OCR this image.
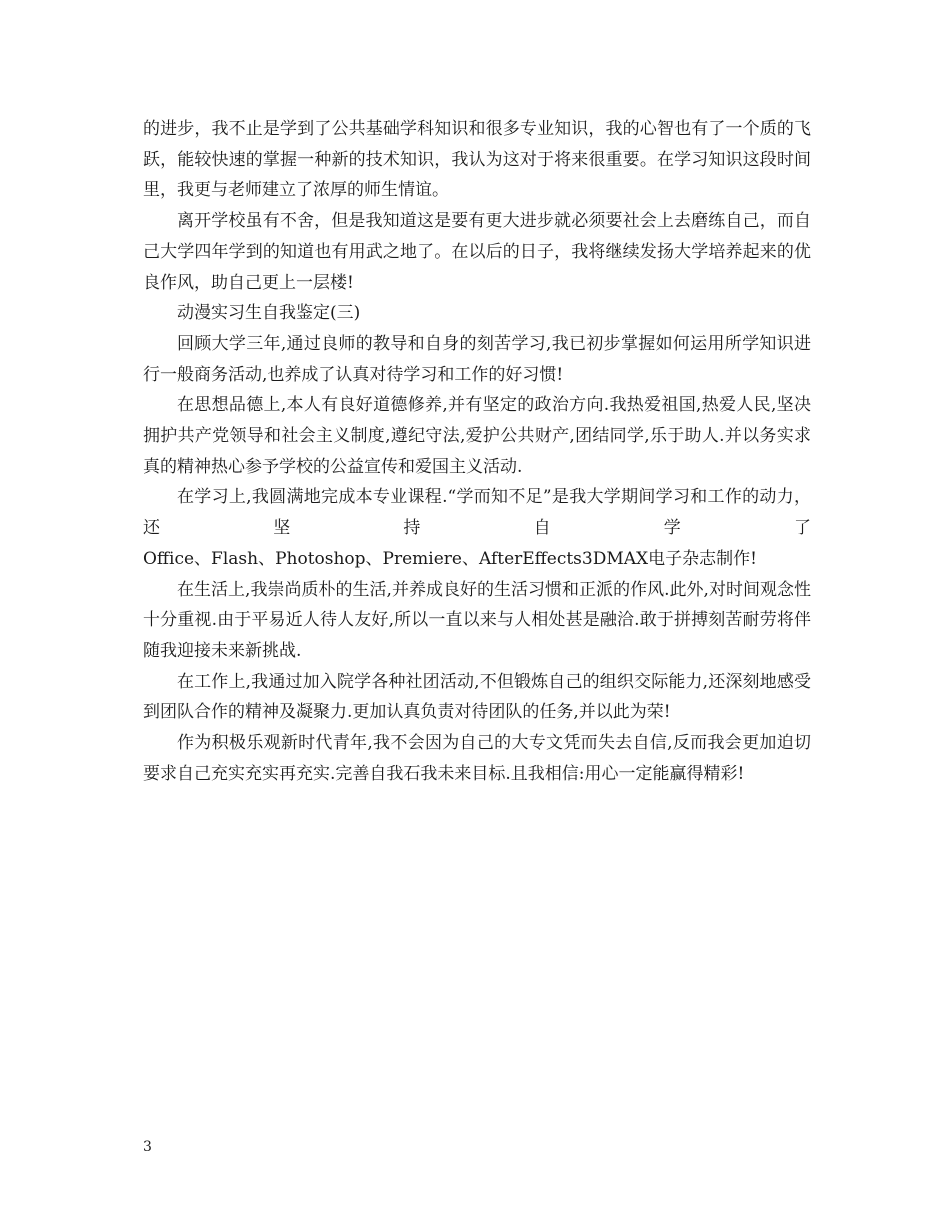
的进步，我不止是学到了公共基础学科知识和很多专业知识，我的心智也有了一个质的飞跃，能较快速的掌握一种新的技术知识，我认为这对于将来很重要。在学习知识这段时间里，我更与老师建立了浓厚的师生情谊。

离开学校虽有不舍，但是我知道这是要有更大进步就必须要社会上去磨练自己，而自己大学四年学到的知道也有用武之地了。在以后的日子，我将继续发扬大学培养起来的优良作风，助自己更上一层楼!

动漫实习生自我鉴定(三)

回顾大学三年,通过良师的教导和自身的刻苦学习,我已初步掌握如何运用所学知识进行一般商务活动,也养成了认真对待学习和工作的好习惯!

在思想品德上,本人有良好道德修养,并有坚定的政治方向.我热爱祖国,热爱人民,坚决拥护共产党领导和社会主义制度,遵纪守法,爱护公共财产,团结同学,乐于助人.并以务实求真的精神热心参予学校的公益宣传和爱国主义活动.

在学习上,我圆满地完成本专业课程.“学而知不足”是我大学期间学习和工作的动力，还坚持自学了

Office、Flash、Photoshop、Premiere、AfterEffects3DMAX电子杂志制作!

在生活上,我崇尚质朴的生活,并养成良好的生活习惯和正派的作风.此外,对时间观念性十分重视.由于平易近人待人友好,所以一直以来与人相处甚是融洽.敢于拼搏刻苦耐劳将伴随我迎接未来新挑战.

在工作上,我通过加入院学各种社团活动,不但锻炼自己的组织交际能力,还深刻地感受到团队合作的精神及凝聚力.更加认真负责对待团队的任务,并以此为荣!

作为积极乐观新时代青年,我不会因为自己的大专文凭而失去自信,反而我会更加迫切要求自己充实充实再充实.完善自我石我未来目标.且我相信:用心一定能赢得精彩!

3
